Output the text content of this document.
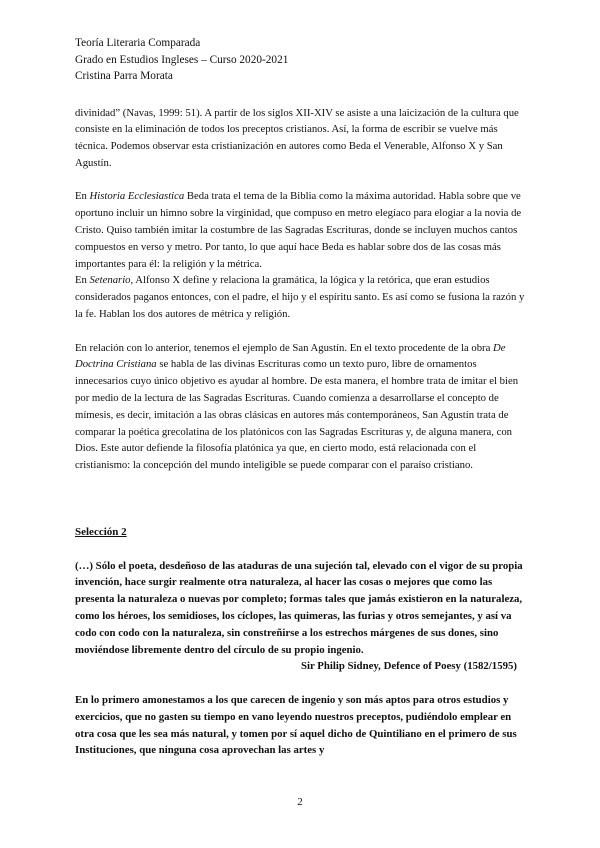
Teoría Literaria Comparada

Grado en Estudios Ingleses – Curso 2020-2021

Cristina Parra Morata

divinidad” (Navas, 1999: 51). A partir de los siglos XII-XIV se asiste a una laicización de la cultura que consiste en la eliminación de todos los preceptos cristianos. Así, la forma de escribir se vuelve más técnica. Podemos observar esta cristianización en autores como Beda el Venerable, Alfonso X y San Agustín.

En Historia Ecclesiastica Beda trata el tema de la Biblia como la máxima autoridad. Habla sobre que ve oportuno incluir un himno sobre la virginidad, que compuso en metro elegíaco para elogiar a la novia de Cristo. Quiso también imitar la costumbre de las Sagradas Escrituras, donde se incluyen muchos cantos compuestos en verso y metro. Por tanto, lo que aquí hace Beda es hablar sobre dos de las cosas más importantes para él: la religión y la métrica.

En Setenario, Alfonso X define y relaciona la gramática, la lógica y la retórica, que eran estudios considerados paganos entonces, con el padre, el hijo y el espíritu santo. Es así como se fusiona la razón y la fe. Hablan los dos autores de métrica y religión.

En relación con lo anterior, tenemos el ejemplo de San Agustín. En el texto procedente de la obra De Doctrina Cristiana se habla de las divinas Escrituras como un texto puro, libre de ornamentos innecesarios cuyo único objetivo es ayudar al hombre. De esta manera, el hombre trata de imitar el bien por medio de la lectura de las Sagradas Escrituras. Cuando comienza a desarrollarse el concepto de mímesis, es decir, imitación a las obras clásicas en autores más contemporáneos, San Agustín trata de comparar la poética grecolatina de los platónicos con las Sagradas Escrituras y, de alguna manera, con Dios. Este autor defiende la filosofía platónica ya que, en cierto modo, está relacionada con el cristianismo: la concepción del mundo inteligible se puede comparar con el paraíso cristiano.

Selección 2

(…) Sólo el poeta, desdeñoso de las ataduras de una sujeción tal, elevado con el vigor de su propia invención, hace surgir realmente otra naturaleza, al hacer las cosas o mejores que como las presenta la naturaleza o nuevas por completo; formas tales que jamás existieron en la naturaleza, como los héroes, los semidioses, los cíclopes, las quimeras, las furias y otros semejantes, y así va codo con codo con la naturaleza, sin constreñirse a los estrechos márgenes de sus dones, sino moviéndose libremente dentro del círculo de su propio ingenio.

Sir Philip Sidney, Defence of Poesy (1582/1595)

En lo primero amonestamos a los que carecen de ingenio y son más aptos para otros estudios y exercicios, que no gasten su tiempo en vano leyendo nuestros preceptos, pudiéndolo emplear en otra cosa que les sea más natural, y tomen por sí aquel dicho de Quintiliano en el primero de sus Instituciones, que ninguna cosa aprovechan las artes y

2
